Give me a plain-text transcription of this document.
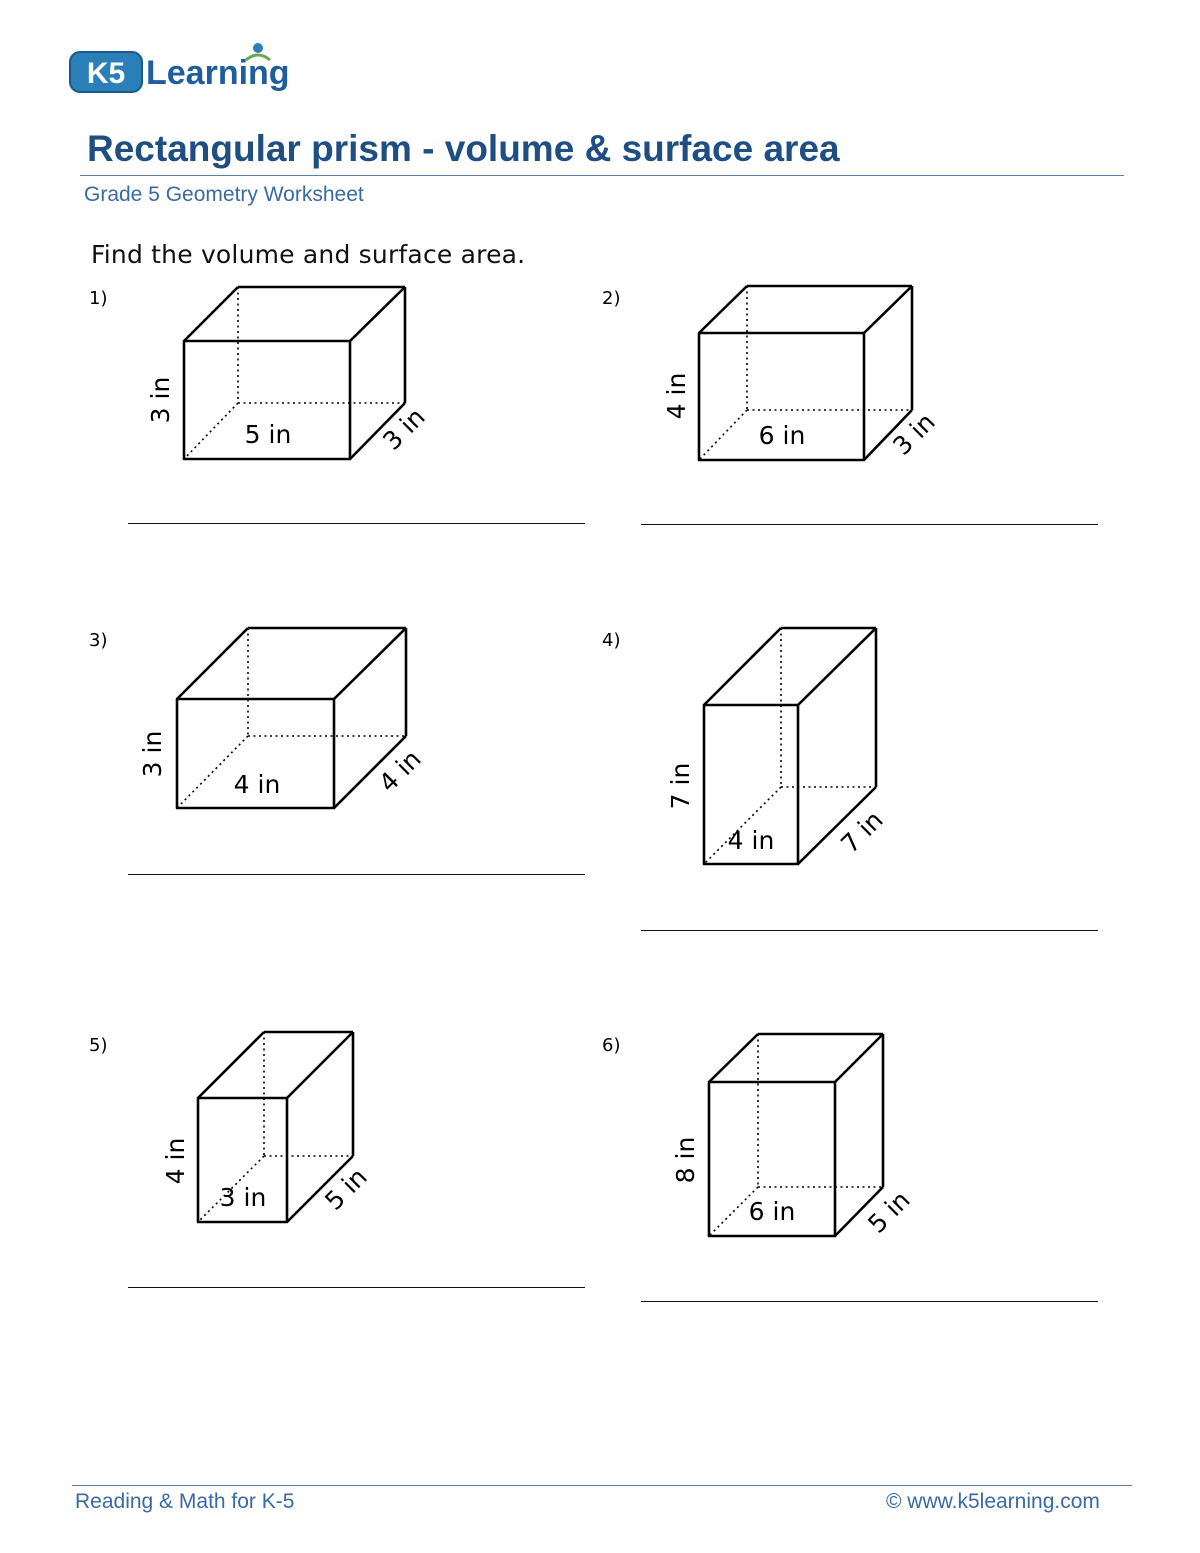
K5 Learning
Rectangular prism - volume & surface area
Grade 5 Geometry Worksheet
Find the volume and surface area.
1)	2)
3)	4)
5)	6)
5 in
3 in
3 in	6 in
4 in
3 in
4 in
3 in	4 in
4 in
7 in
7 in
3 in
4 in
5 in	6 in
8 in
5 in
Reading & Math for K-5	© www.k5learning.com
